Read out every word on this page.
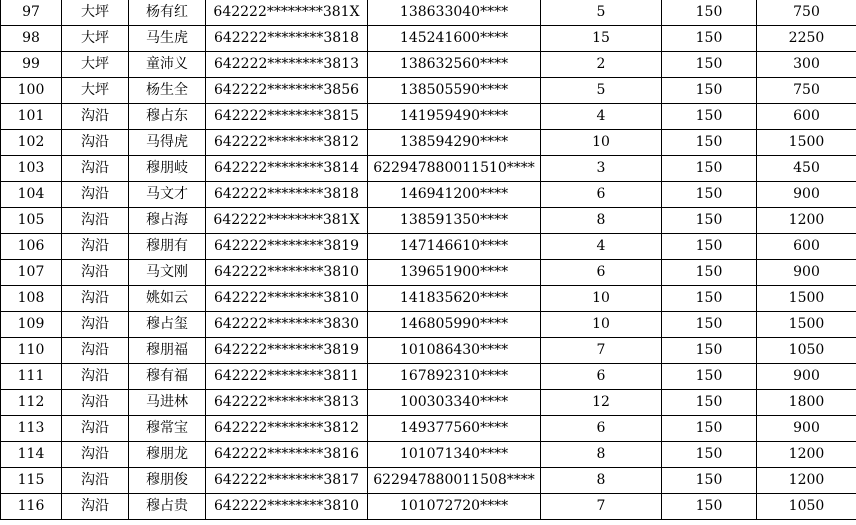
97	大坪	杨有红	642222********381X	138633040****	5	150	750
98	大坪	马生虎	642222********3818	145241600****	15	150	2250
99	大坪	童沛义	642222********3813	138632560****	2	150	300
100	大坪	杨生全	642222********3856	138505590****	5	150	750
101	沟沿	穆占东	642222********3815	141959490****	4	150	600
102	沟沿	马得虎	642222********3812	138594290****	10	150	1500
103	沟沿	穆朋岐	642222********3814	622947880011510****	3	150	450
104	沟沿	马文才	642222********3818	146941200****	6	150	900
105	沟沿	穆占海	642222********381X	138591350****	8	150	1200
106	沟沿	穆朋有	642222********3819	147146610****	4	150	600
107	沟沿	马文刚	642222********3810	139651900****	6	150	900
108	沟沿	姚如云	642222********3810	141835620****	10	150	1500
109	沟沿	穆占玺	642222********3830	146805990****	10	150	1500
110	沟沿	穆朋福	642222********3819	101086430****	7	150	1050
111	沟沿	穆有福	642222********3811	167892310****	6	150	900
112	沟沿	马进林	642222********3813	100303340****	12	150	1800
113	沟沿	穆常宝	642222********3812	149377560****	6	150	900
114	沟沿	穆朋龙	642222********3816	101071340****	8	150	1200
115	沟沿	穆朋俊	642222********3817	622947880011508****	8	150	1200
116	沟沿	穆占贵	642222********3810	101072720****	7	150	1050
